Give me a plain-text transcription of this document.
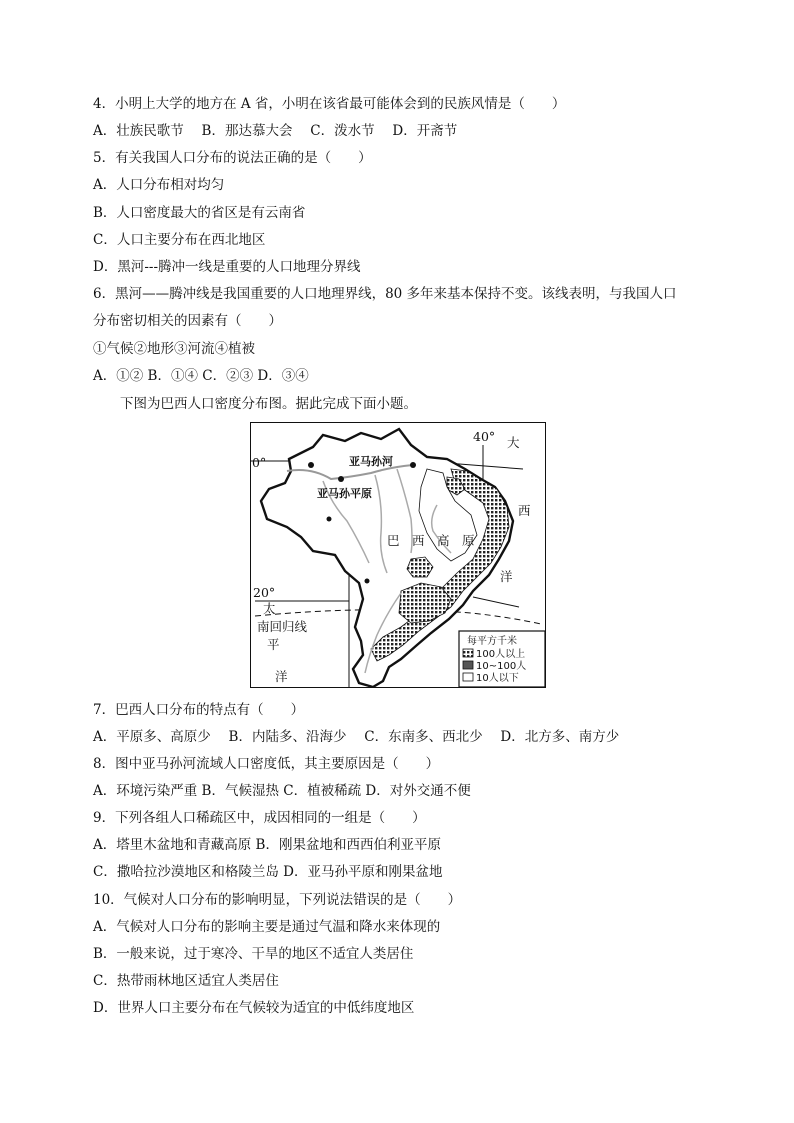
4．小明上大学的地方在 A 省，小明在该省最可能体会到的民族风情是（　　）
A．壮族民歌节　 B．那达慕大会　 C．泼水节　 D．开斋节
5．有关我国人口分布的说法正确的是（　　）
A．人口分布相对均匀
B．人口密度最大的省区是有云南省
C．人口主要分布在西北地区
D．黑河---腾冲一线是重要的人口地理分界线
6．黑河——腾冲线是我国重要的人口地理界线，80 多年来基本保持不变。该线表明，与我国人口
分布密切相关的因素有（　　）
①气候②地形③河流④植被
A．①② B．①④ C．②③ D．③④
下图为巴西人口密度分布图。据此完成下面小题。
0°
40° 大
西
洋
亚马孙河
亚马孙平原
巴　西　高　原
20°
太
南回归线
平
洋
每平方千米
100人以上
10~100人
10人以下
7．巴西人口分布的特点有（　　）
A．平原多、高原少　 B．内陆多、沿海少　 C．东南多、西北少　 D．北方多、南方少
8．图中亚马孙河流域人口密度低，其主要原因是（　　）
A．环境污染严重 B．气候湿热 C．植被稀疏 D．对外交通不便
9．下列各组人口稀疏区中，成因相同的一组是（　　）
A．塔里木盆地和青藏高原 B．刚果盆地和西西伯利亚平原
C．撒哈拉沙漠地区和格陵兰岛 D．亚马孙平原和刚果盆地
10．气候对人口分布的影响明显，下列说法错误的是（　　）
A．气候对人口分布的影响主要是通过气温和降水来体现的
B．一般来说，过于寒冷、干旱的地区不适宜人类居住
C．热带雨林地区适宜人类居住
D．世界人口主要分布在气候较为适宜的中低纬度地区
